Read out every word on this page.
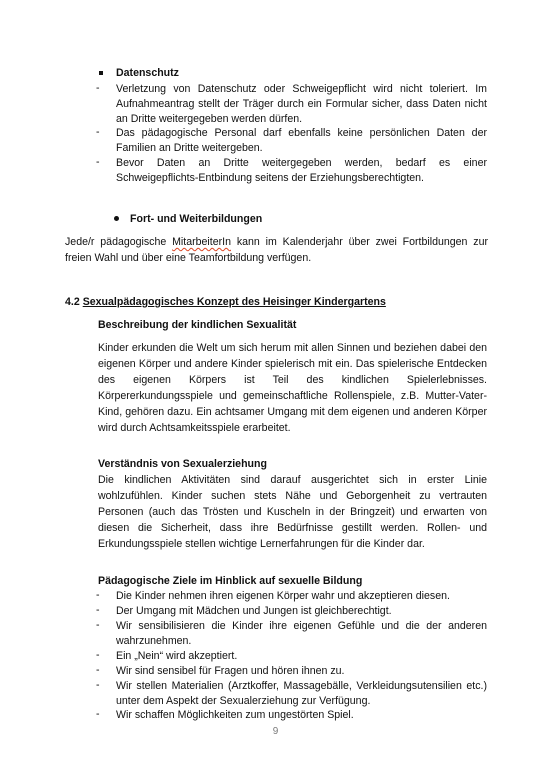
Datenschutz
- Verletzung von Datenschutz oder Schweigepflicht wird nicht toleriert. Im Aufnahmeantrag stellt der Träger durch ein Formular sicher, dass Daten nicht an Dritte weitergegeben werden dürfen.
- Das pädagogische Personal darf ebenfalls keine persönlichen Daten der Familien an Dritte weitergeben.
- Bevor Daten an Dritte weitergegeben werden, bedarf es einer Schweigepflichts-Entbindung seitens der Erziehungsberechtigten.
Fort- und Weiterbildungen
Jede/r pädagogische MitarbeiterIn kann im Kalenderjahr über zwei Fortbildungen zur freien Wahl und über eine Teamfortbildung verfügen.
4.2 Sexualpädagogisches Konzept des Heisinger Kindergartens
Beschreibung der kindlichen Sexualität
Kinder erkunden die Welt um sich herum mit allen Sinnen und beziehen dabei den eigenen Körper und andere Kinder spielerisch mit ein. Das spielerische Entdecken des eigenen Körpers ist Teil des kindlichen Spielerlebnisses. Körpererkundungsspiele und gemeinschaftliche Rollenspiele, z.B. Mutter-Vater-Kind, gehören dazu. Ein achtsamer Umgang mit dem eigenen und anderen Körper wird durch Achtsamkeitsspiele erarbeitet.
Verständnis von Sexualerziehung
Die kindlichen Aktivitäten sind darauf ausgerichtet sich in erster Linie wohlzufühlen. Kinder suchen stets Nähe und Geborgenheit zu vertrauten Personen (auch das Trösten und Kuscheln in der Bringzeit) und erwarten von diesen die Sicherheit, dass ihre Bedürfnisse gestillt werden. Rollen- und Erkundungsspiele stellen wichtige Lernerfahrungen für die Kinder dar.
Pädagogische Ziele im Hinblick auf sexuelle Bildung
- Die Kinder nehmen ihren eigenen Körper wahr und akzeptieren diesen.
- Der Umgang mit Mädchen und Jungen ist gleichberechtigt.
- Wir sensibilisieren die Kinder ihre eigenen Gefühle und die der anderen wahrzunehmen.
- Ein „Nein“ wird akzeptiert.
- Wir sind sensibel für Fragen und hören ihnen zu.
- Wir stellen Materialien (Arztkoffer, Massagebälle, Verkleidungsutensilien etc.) unter dem Aspekt der Sexualerziehung zur Verfügung.
- Wir schaffen Möglichkeiten zum ungestörten Spiel.
9
